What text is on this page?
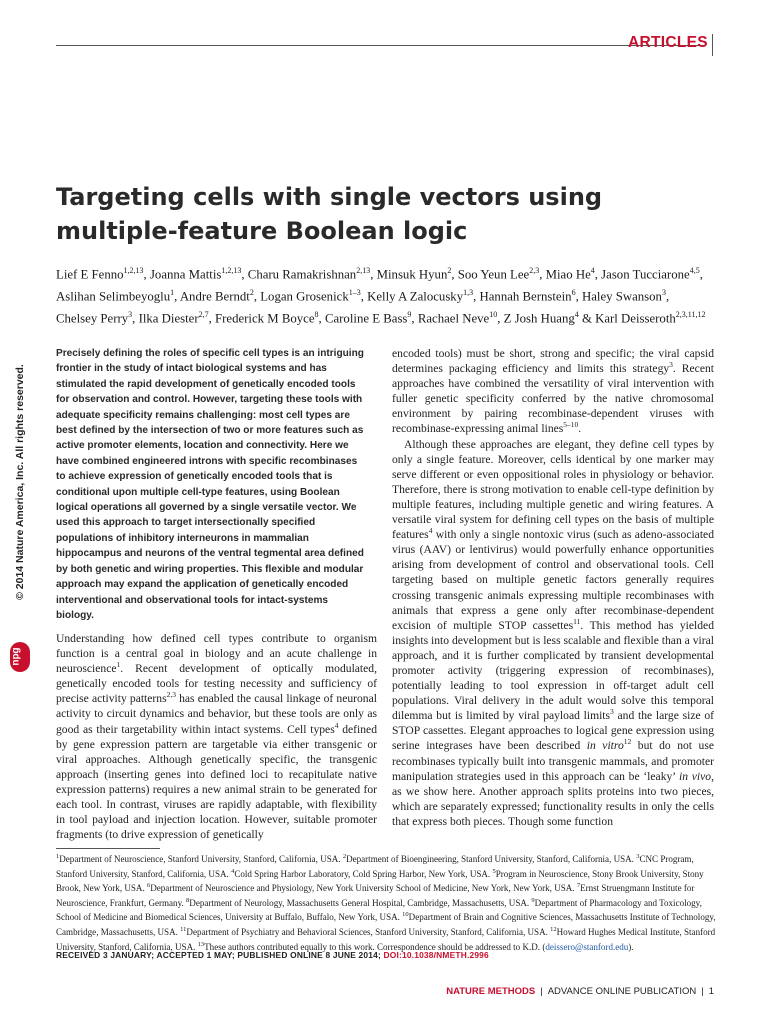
ARTICLES
© 2014 Nature America, Inc. All rights reserved.
npg
Targeting cells with single vectors using multiple-feature Boolean logic
Lief E Fenno$^{1,2,13}$, Joanna Mattis$^{1,2,13}$, Charu Ramakrishnan$^{2,13}$, Minsuk Hyun$^2$, Soo Yeun Lee$^{2,3}$, Miao He$^4$, Jason Tucciarone$^{4,5}$, Aslihan Selimbeyoglu$^1$, Andre Berndt$^2$, Logan Grosenick$^{1-3}$, Kelly A Zalocusky$^{1,3}$, Hannah Bernstein$^6$, Haley Swanson$^3$, Chelsey Perry$^3$, Ilka Diester$^{2,7}$, Frederick M Boyce$^8$, Caroline E Bass$^9$, Rachael Neve$^{10}$, Z Josh Huang$^4$ & Karl Deisseroth$^{2,3,11,12}$
Precisely defining the roles of specific cell types is an intriguing frontier in the study of intact biological systems and has stimulated the rapid development of genetically encoded tools for observation and control. However, targeting these tools with adequate specificity remains challenging: most cell types are best defined by the intersection of two or more features such as active promoter elements, location and connectivity. Here we have combined engineered introns with specific recombinases to achieve expression of genetically encoded tools that is conditional upon multiple cell-type features, using Boolean logical operations all governed by a single versatile vector. We used this approach to target intersectionally specified populations of inhibitory interneurons in mammalian hippocampus and neurons of the ventral tegmental area defined by both genetic and wiring properties. This flexible and modular approach may expand the application of genetically encoded interventional and observational tools for intact-systems biology.
Understanding how defined cell types contribute to organism function is a central goal in biology and an acute challenge in neuroscience$^1$. Recent development of optically modulated, genetically encoded tools for testing necessity and sufficiency of precise activity patterns$^{2,3}$ has enabled the causal linkage of neuronal activity to circuit dynamics and behavior, but these tools are only as good as their targetability within intact systems. Cell types$^4$ defined by gene expression pattern are targetable via either transgenic or viral approaches. Although genetically specific, the transgenic approach (inserting genes into defined loci to recapitulate native expression patterns) requires a new animal strain to be generated for each tool. In contrast, viruses are rapidly adaptable, with flexibility in tool payload and injection location. However, suitable promoter fragments (to drive expression of genetically

encoded tools) must be short, strong and specific; the viral capsid determines packaging efficiency and limits this strategy$^3$. Recent approaches have combined the versatility of viral intervention with fuller genetic specificity conferred by the native chromosomal environment by pairing recombinase-dependent viruses with recombinase-expressing animal lines$^{5-10}$.

Although these approaches are elegant, they define cell types by only a single feature. Moreover, cells identical by one marker may serve different or even oppositional roles in physiology or behavior. Therefore, there is strong motivation to enable cell-type definition by multiple features, including multiple genetic and wiring features. A versatile viral system for defining cell types on the basis of multiple features$^4$ with only a single nontoxic virus (such as adeno-associated virus (AAV) or lentivirus) would powerfully enhance opportunities arising from development of control and observational tools. Cell targeting based on multiple genetic factors generally requires crossing transgenic animals expressing multiple recombinases with animals that express a gene only after recombinase-dependent excision of multiple STOP cassettes$^{11}$. This method has yielded insights into development but is less scalable and flexible than a viral approach, and it is further complicated by transient developmental promoter activity (triggering expression of recombinases), potentially leading to tool expression in off-target adult cell populations. Viral delivery in the adult would solve this temporal dilemma but is limited by viral payload limits$^3$ and the large size of STOP cassettes. Elegant approaches to logical gene expression using serine integrases have been described in vitro$^{12}$ but do not use recombinases typically built into transgenic mammals, and promoter manipulation strategies used in this approach can be ‘leaky’ in vivo, as we show here. Another approach splits proteins into two pieces, which are separately expressed; functionality results in only the cells that express both pieces. Though some function

$^1$Department of Neuroscience, Stanford University, Stanford, California, USA. $^2$Department of Bioengineering, Stanford University, Stanford, California, USA. $^3$CNC Program, Stanford University, Stanford, California, USA. $^4$Cold Spring Harbor Laboratory, Cold Spring Harbor, New York, USA. $^5$Program in Neuroscience, Stony Brook University, Stony Brook, New York, USA. $^6$Department of Neuroscience and Physiology, New York University School of Medicine, New York, New York, USA. $^7$Ernst Struengmann Institute for Neuroscience, Frankfurt, Germany. $^8$Department of Neurology, Massachusetts General Hospital, Cambridge, Massachusetts, USA. $^9$Department of Pharmacology and Toxicology, School of Medicine and Biomedical Sciences, University at Buffalo, Buffalo, New York, USA. $^{10}$Department of Brain and Cognitive Sciences, Massachusetts Institute of Technology, Cambridge, Massachusetts, USA. $^{11}$Department of Psychiatry and Behavioral Sciences, Stanford University, Stanford, California, USA. $^{12}$Howard Hughes Medical Institute, Stanford University, Stanford, California, USA. $^{13}$These authors contributed equally to this work. Correspondence should be addressed to K.D. (deissero@stanford.edu).
RECEIVED 3 JANUARY; ACCEPTED 1 MAY; PUBLISHED ONLINE 8 JUNE 2014; DOI:10.1038/NMETH.2996
NATURE METHODS | ADVANCE ONLINE PUBLICATION | 1
